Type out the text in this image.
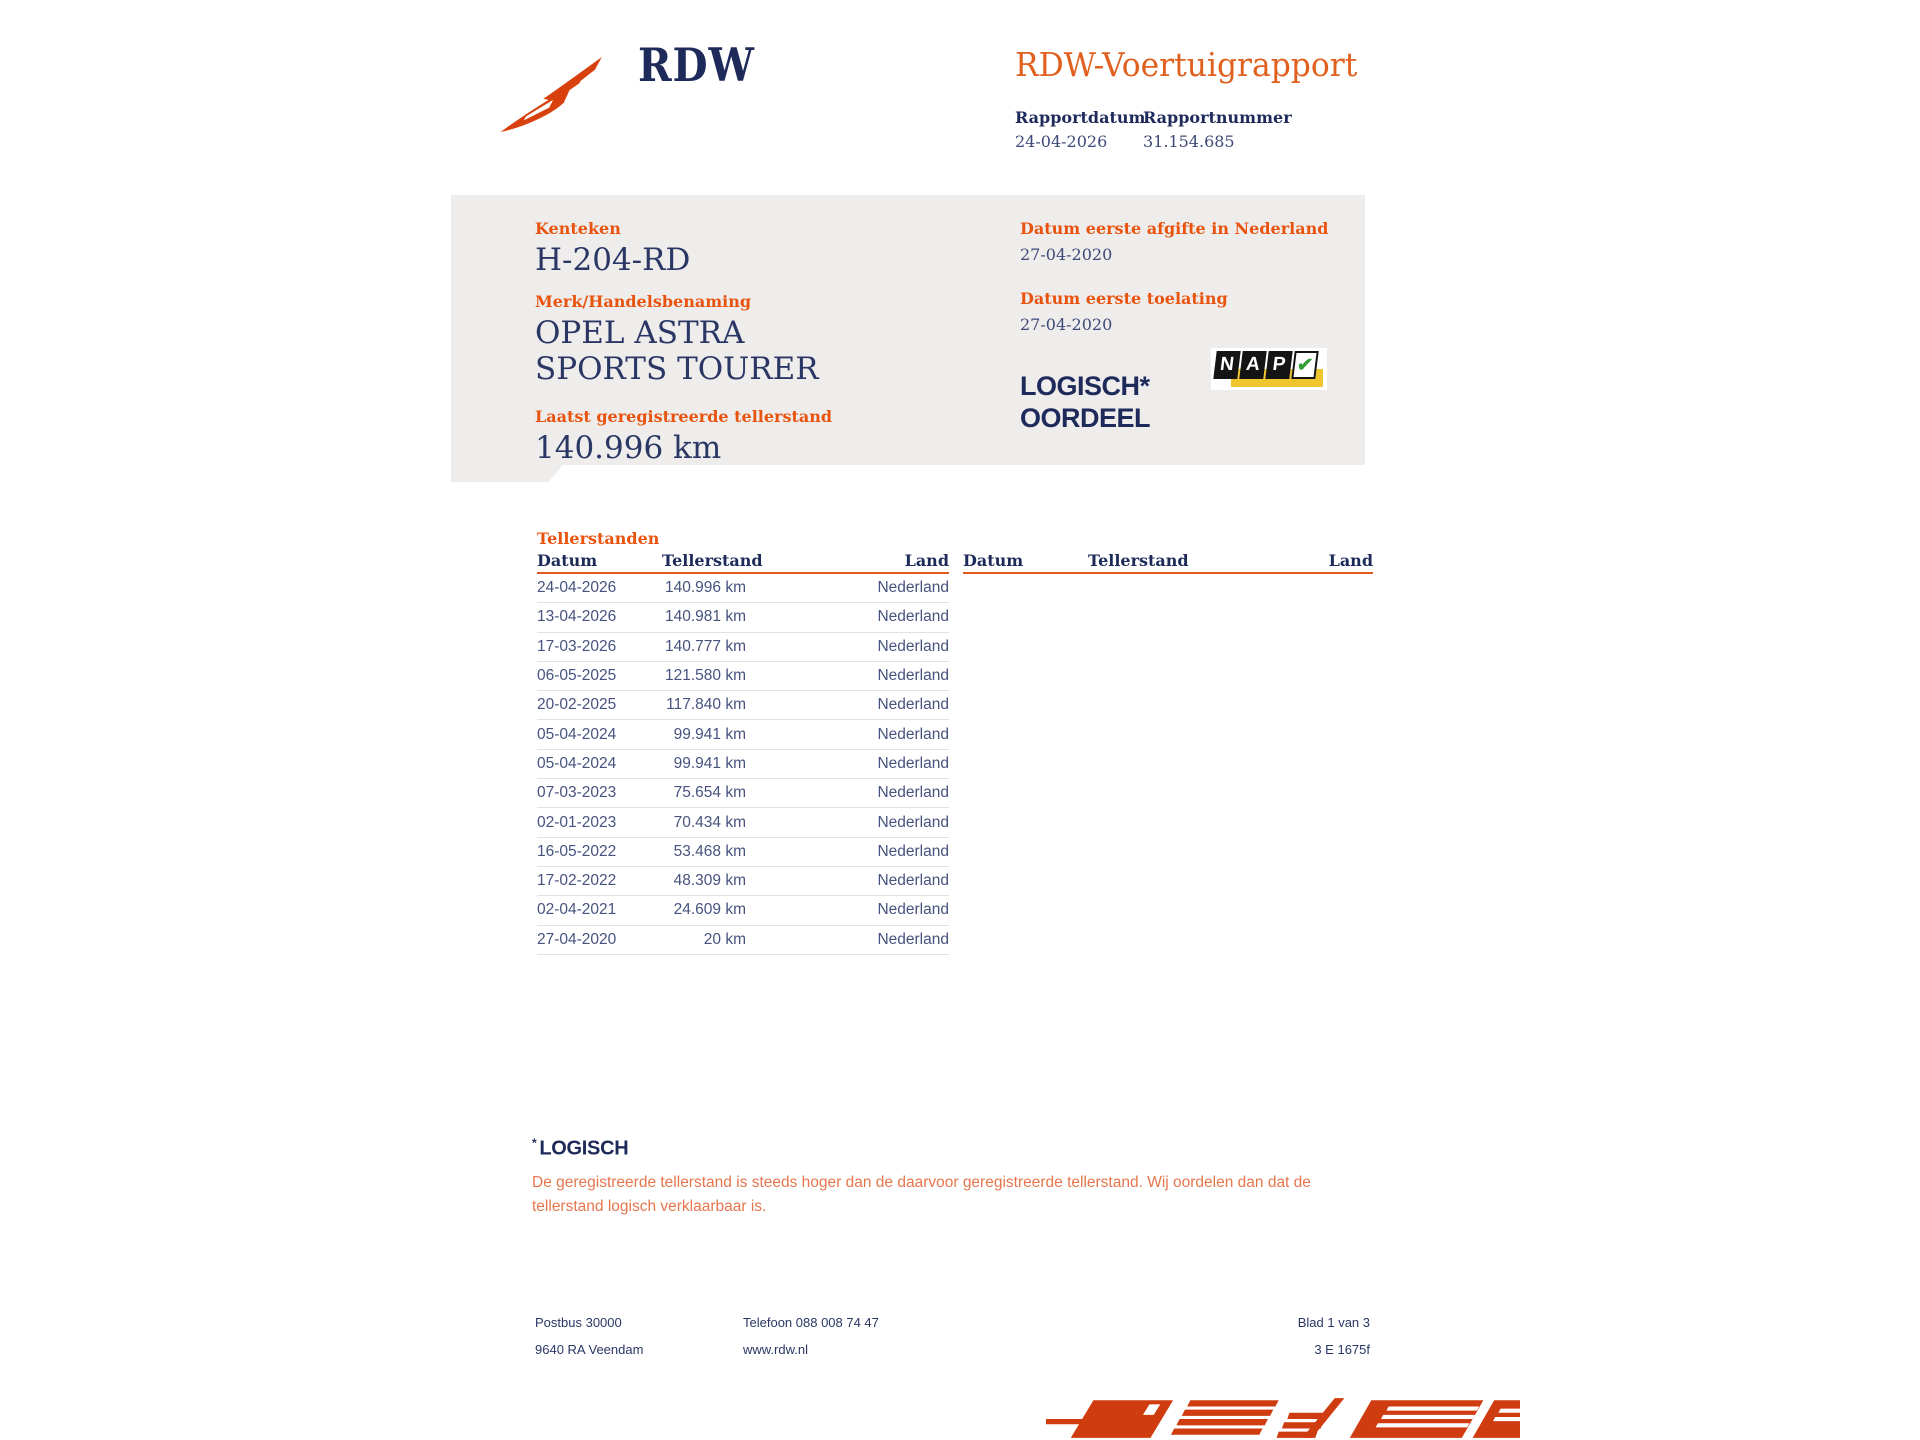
RDW	RDW-Voertuigrapport
Rapportdatum
24-04-2026
Rapportnummer
31.154.685
Kenteken
H-204-RD
Merk/Handelsbenaming
OPEL ASTRA
SPORTS TOURER
Laatst geregistreerde tellerstand
140.996 km
Datum eerste afgifte in Nederland
27-04-2020
Datum eerste toelating
27-04-2020
LOGISCH*
OORDEEL
N A P ✔
Tellerstanden
Datum	Tellerstand	Land
24-04-2026	140.996 km	Nederland
13-04-2026	140.981 km	Nederland
17-03-2026	140.777 km	Nederland
06-05-2025	121.580 km	Nederland
20-02-2025	117.840 km	Nederland
05-04-2024	99.941 km	Nederland
05-04-2024	99.941 km	Nederland
07-03-2023	75.654 km	Nederland
02-01-2023	70.434 km	Nederland
16-05-2022	53.468 km	Nederland
17-02-2022	48.309 km	Nederland
02-04-2021	24.609 km	Nederland
27-04-2020	20 km	Nederland
Datum	Tellerstand	Land
* LOGISCH

De geregistreerde tellerstand is steeds hoger dan de daarvoor geregistreerde tellerstand. Wij oordelen dan dat de tellerstand logisch verklaarbaar is.

Postbus 30000
9640 RA Veendam
Telefoon 088 008 74 47
www.rdw.nl
Blad 1 van 3
3 E 1675f
